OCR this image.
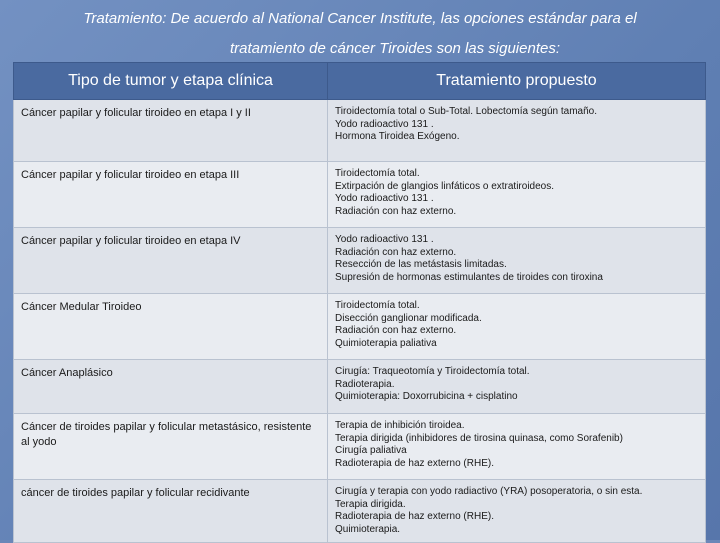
Tratamiento: De acuerdo al National Cancer Institute, las opciones estándar para el
tratamiento de cáncer Tiroides son las siguientes:
Tipo de tumor y etapa clínica	Tratamiento propuesto
Cáncer papilar y folicular tiroideo en etapa I y II	Tiroidectomía total o Sub-Total. Lobectomía según tamaño.
Yodo radioactivo 131 .
Hormona Tiroidea Exógeno.

Cáncer papilar y folicular tiroideo en etapa III	Tiroidectomía total.
Extirpación de glangios linfáticos o extratiroideos.
Yodo radioactivo 131 .
Radiación con haz externo.

Cáncer papilar y folicular tiroideo en etapa IV	Yodo radioactivo 131 .
Radiación con haz externo.
Resección de las metástasis limitadas.
Supresión de hormonas estimulantes de tiroides con tiroxina

Cáncer Medular Tiroideo	Tiroidectomía total.
Disección ganglionar modificada.
Radiación con haz externo.
Quimioterapia paliativa

Cáncer Anaplásico	Cirugía: Traqueotomía y Tiroidectomía total.
Radioterapia.
Quimioterapia: Doxorrubicina + cisplatino

Cáncer de tiroides papilar y folicular metastásico, resistente al yodo	Terapia de inhibición tiroidea.
Terapia dirigida (inhibidores de tirosina quinasa, como Sorafenib)
Cirugía paliativa
Radioterapia de haz externo (RHE).

cáncer de tiroides papilar y folicular recidivante	Cirugía y terapia con yodo radiactivo (YRA) posoperatoria, o sin esta.
Terapia dirigida.
Radioterapia de haz externo (RHE).
Quimioterapia.
